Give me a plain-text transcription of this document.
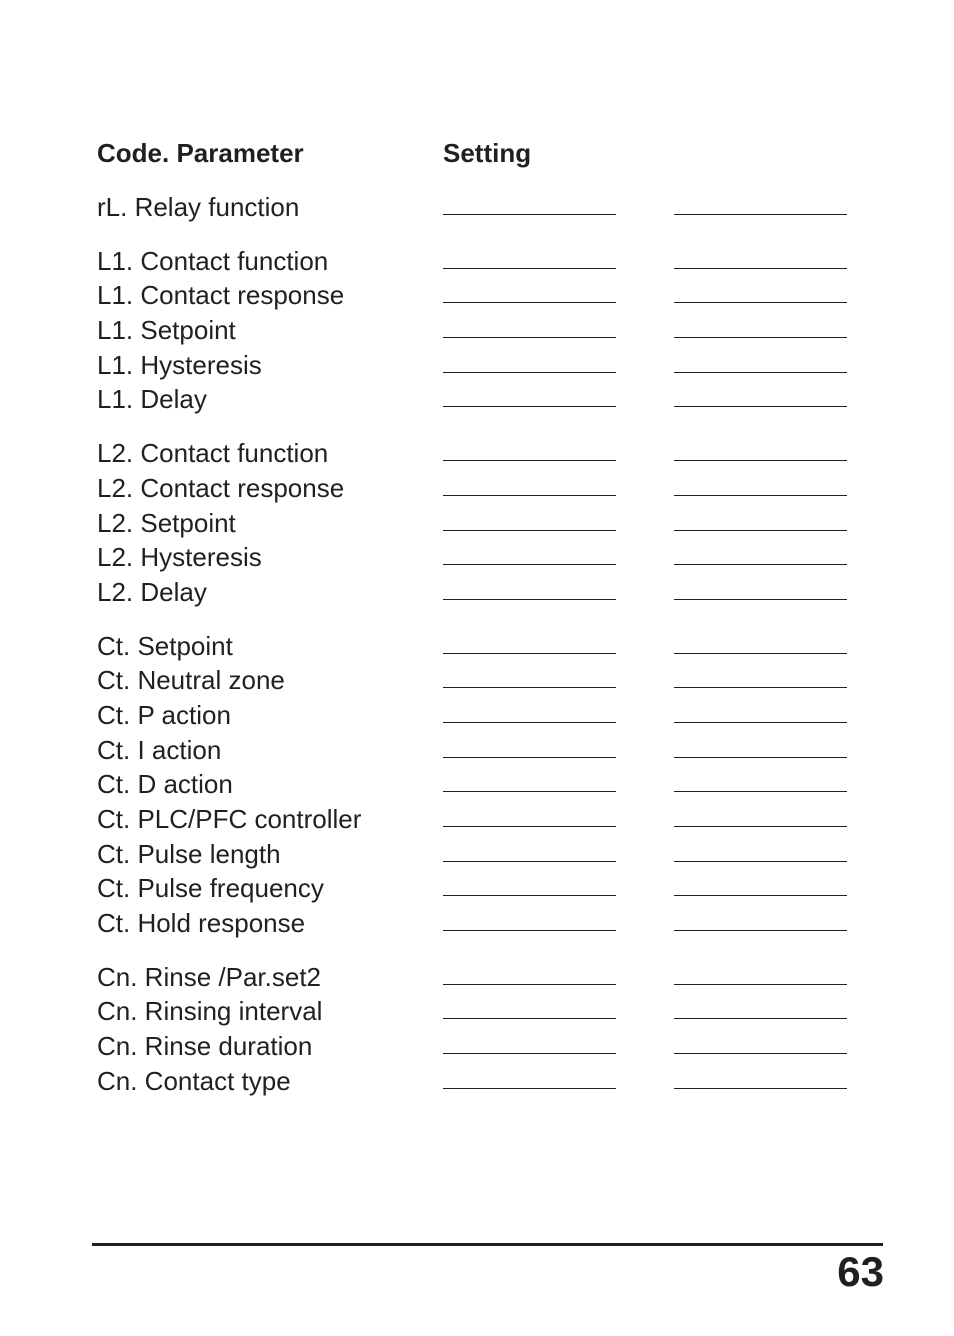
Code. Parameter	Setting
rL. Relay function
L1. Contact function
L1. Contact response
L1. Setpoint
L1. Hysteresis
L1. Delay
L2. Contact function
L2. Contact response
L2. Setpoint
L2. Hysteresis
L2. Delay
Ct. Setpoint
Ct. Neutral zone
Ct. P action
Ct. I action
Ct. D action
Ct. PLC/PFC controller
Ct. Pulse length
Ct. Pulse frequency
Ct. Hold response
Cn. Rinse /Par.set2
Cn. Rinsing interval
Cn. Rinse duration
Cn. Contact type
63
